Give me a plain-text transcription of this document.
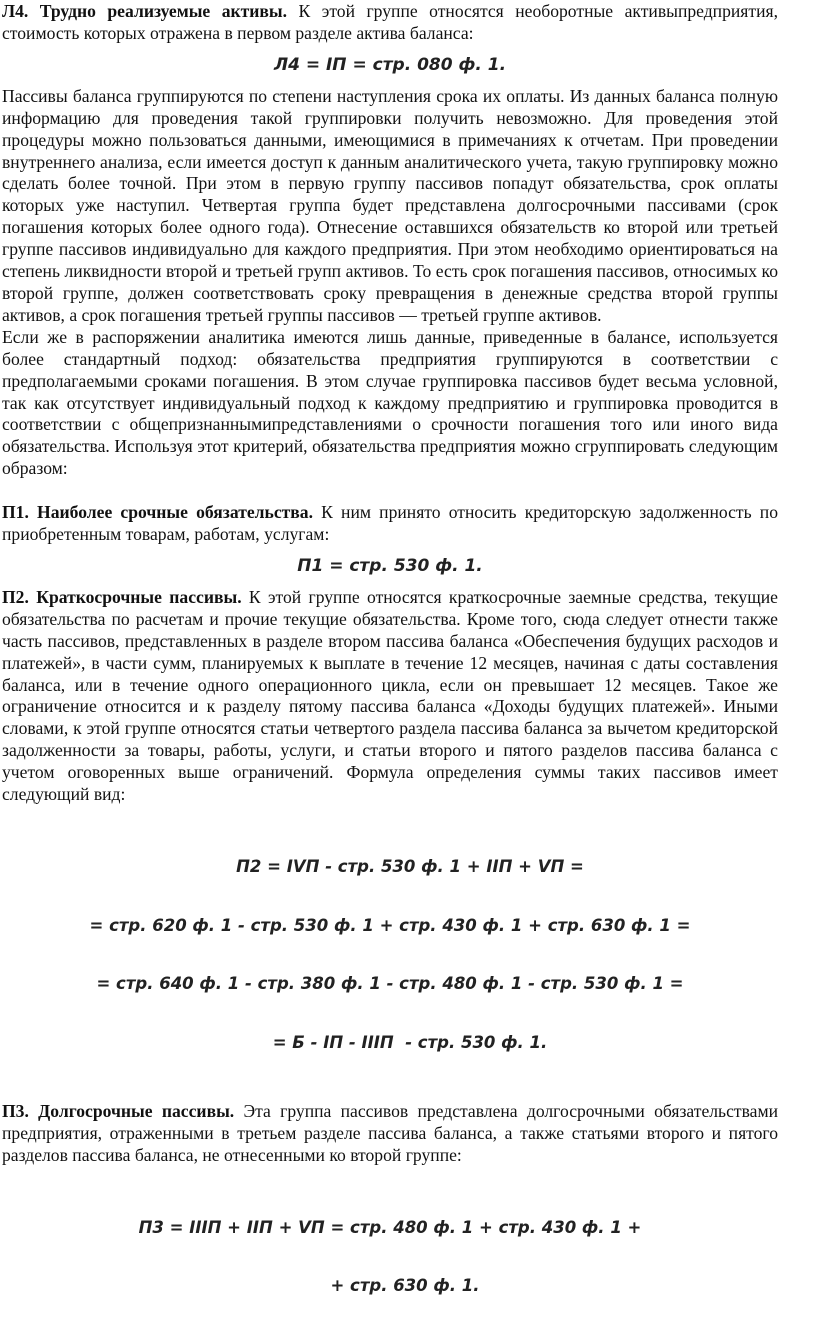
Л4. Трудно реализуемые активы. К этой группе относятся необоротные активыпредприятия, стоимость которых отражена в первом разделе актива баланса:

Л4 = IП = стр. 080 ф. 1.

Пассивы баланса группируются по степени наступления срока их оплаты. Из данных баланса полную информацию для проведения такой группировки получить невозможно. Для проведения этой процедуры можно пользоваться данными, имеющимися в примечаниях к отчетам. При проведении внутреннего анализа, если имеется доступ к данным аналитического учета, такую группировку можно сделать более точной. При этом в первую группу пассивов попадут обязательства, срок оплаты которых уже наступил. Четвертая группа будет представлена долгосрочными пассивами (срок погашения которых более одного года). Отнесение оставшихся обязательств ко второй или третьей группе пассивов индивидуально для каждого предприятия. При этом необходимо ориентироваться на степень ликвидности второй и третьей групп активов. То есть срок погашения пассивов, относимых ко второй группе, должен соответствовать сроку превращения в денежные средства второй группы активов, а срок погашения третьей группы пассивов — третьей группе активов.

Если же в распоряжении аналитика имеются лишь данные, приведенные в балансе, используется более стандартный подход: обязательства предприятия группируются в соответствии с предполагаемыми сроками погашения. В этом случае группировка пассивов будет весьма условной, так как отсутствует индивидуальный подход к каждому предприятию и группировка проводится в соответствии с общепризнаннымипредставлениями о срочности погашения того или иного вида обязательства. Используя этот критерий, обязательства предприятия можно сгруппировать следующим образом:

П1. Наиболее срочные обязательства. К ним принято относить кредиторскую задолженность по приобретенным товарам, работам, услугам:

П1 = стр. 530 ф. 1.

П2. Краткосрочные пассивы. К этой группе относятся краткосрочные заемные средства, текущие обязательства по расчетам и прочие текущие обязательства. Кроме того, сюда следует отнести также часть пассивов, представленных в разделе втором пассива баланса «Обеспечения будущих расходов и платежей», в части сумм, планируемых к выплате в течение 12 месяцев, начиная с даты составления баланса, или в течение одного операционного цикла, если он превышает 12 месяцев. Такое же ограничение относится и к разделу пятому пассива баланса «Доходы будущих платежей». Иными словами, к этой группе относятся статьи четвертого раздела пассива баланса за вычетом кредиторской задолженности за товары, работы, услуги, и статьи второго и пятого разделов пассива баланса с учетом оговоренных выше ограничений. Формула определения суммы таких пассивов имеет следующий вид:

П2 = IVП - стр. 530 ф. 1 + IIП + VП =

= стр. 620 ф. 1 - стр. 530 ф. 1 + стр. 430 ф. 1 + стр. 630 ф. 1 =

= стр. 640 ф. 1 - стр. 380 ф. 1 - стр. 480 ф. 1 - стр. 530 ф. 1 =

= Б - IП - IIIП  - стр. 530 ф. 1.

П3. Долгосрочные пассивы. Эта группа пассивов представлена долгосрочными обязательствами предприятия, отраженными в третьем разделе пассива баланса, а также статьями второго и пятого разделов пассива баланса, не отнесенными ко второй группе:

П3 = IIIП + IIП + VП = стр. 480 ф. 1 + стр. 430 ф. 1 +

+ стр. 630 ф. 1.
